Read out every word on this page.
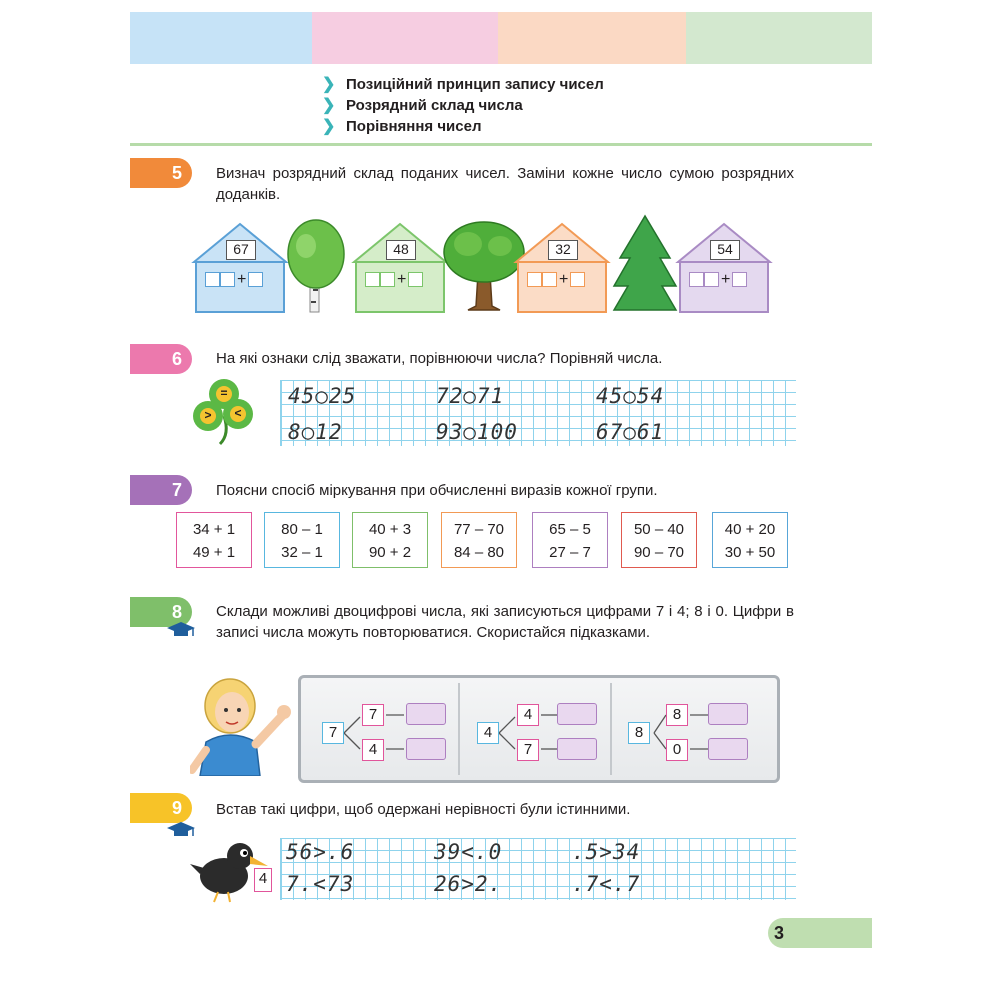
❯ Позиційний принцип запису чисел
❯ Розрядний склад числа
❯ Порівняння чисел
5	Визнач розрядний склад поданих чисел. Заміни кожне число сумою розрядних доданків.
67
+
48
+
32
+
54
+
6	На які ознаки слід зважати, порівнюючи числа? Порівняй числа.
=
> <
45○25	72○71	45○54
8○12	93○100	67○61
7	Поясни спосіб міркування при обчисленні виразів кожної групи.
34 + 1
49 + 1
80 – 1
32 – 1
40 + 3
90 + 2
77 – 70
84 – 80
65 – 5
27 – 7
50 – 40
90 – 70
40 + 20
30 + 50
8	Склади можливі двоцифрові числа, які записуються цифрами 7 і 4; 8 і 0. Цифри в записі числа можуть повторюватися. Скористайся підказками.
7
7
4
4
4
7
8
8
0
9	Встав такі цифри, щоб одержані нерівності були істинними.
4
56>.6	39<.0	.5>34
7.<73	26>2.	.7<.7
3
